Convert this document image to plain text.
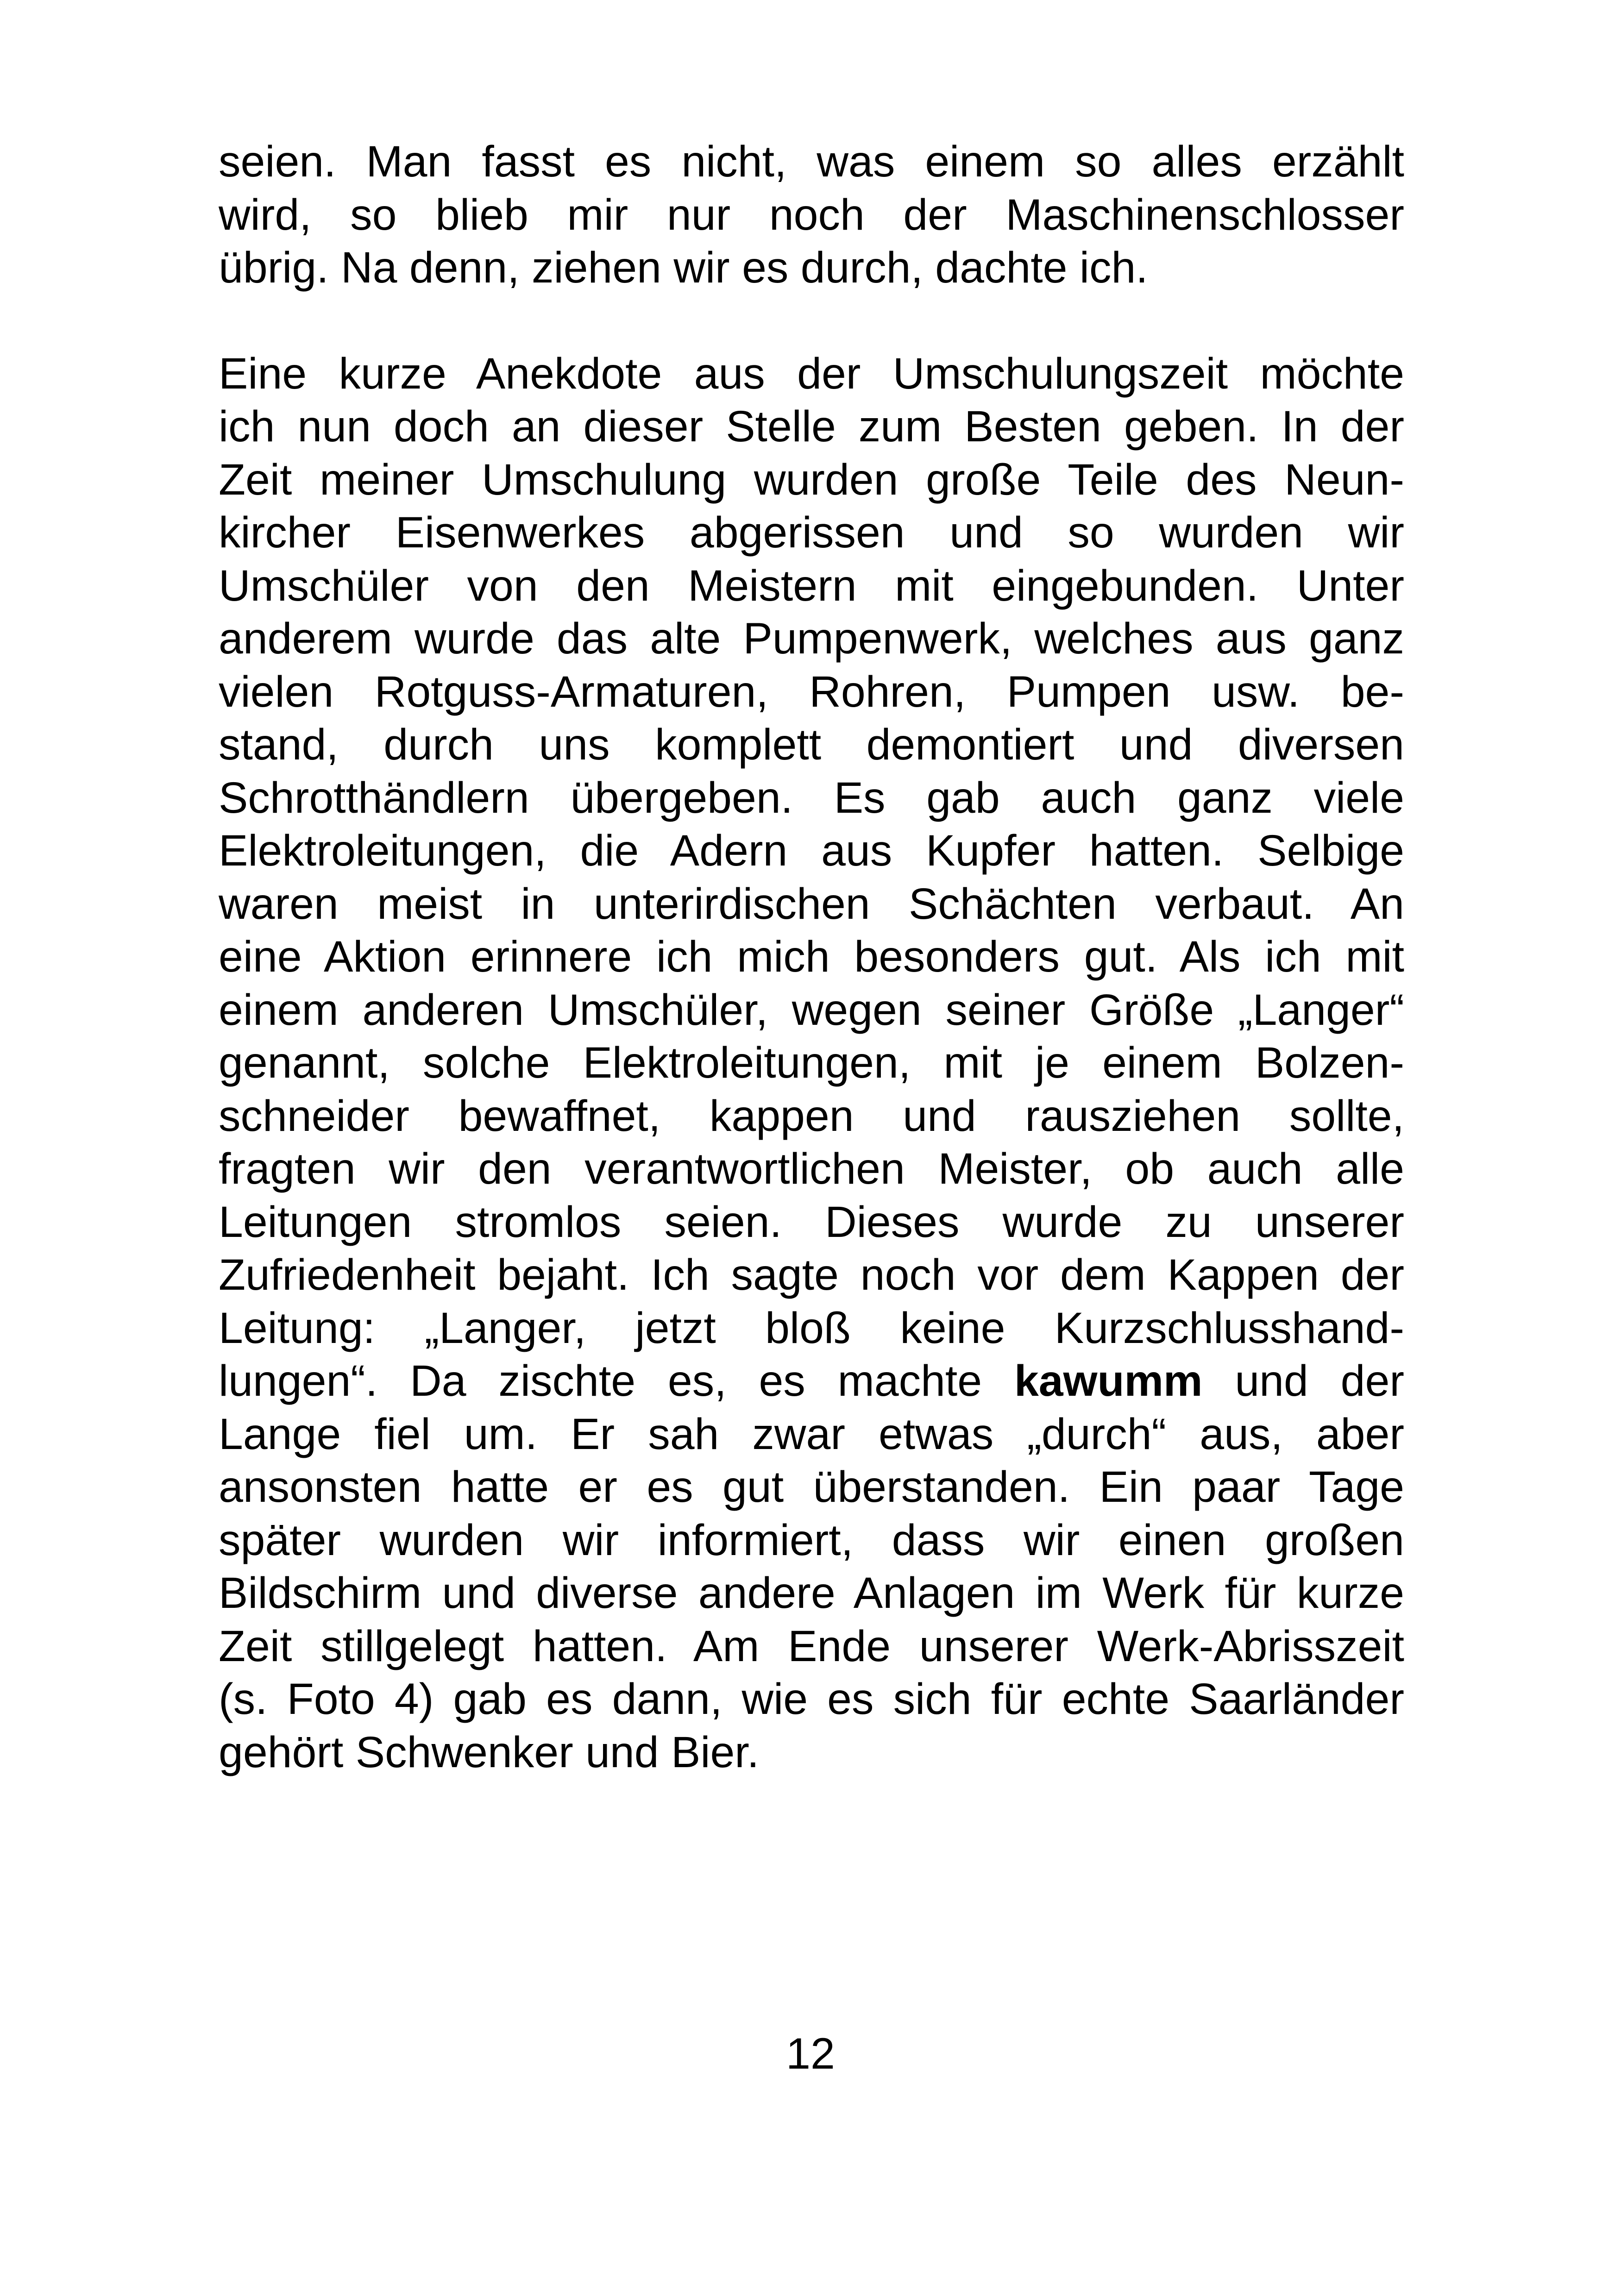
seien. Man fasst es nicht, was einem so alles erzählt
wird, so blieb mir nur noch der Maschinenschlosser
übrig. Na denn, ziehen wir es durch, dachte ich.

Eine kurze Anekdote aus der Umschulungszeit möchte
ich nun doch an dieser Stelle zum Besten geben. In der
Zeit meiner Umschulung wurden große Teile des Neun-
kircher Eisenwerkes abgerissen und so wurden wir
Umschüler von den Meistern mit eingebunden. Unter
anderem wurde das alte Pumpenwerk, welches aus ganz
vielen Rotguss-Armaturen, Rohren, Pumpen usw. be-
stand, durch uns komplett demontiert und diversen
Schrotthändlern übergeben. Es gab auch ganz viele
Elektroleitungen, die Adern aus Kupfer hatten. Selbige
waren meist in unterirdischen Schächten verbaut. An
eine Aktion erinnere ich mich besonders gut. Als ich mit
einem anderen Umschüler, wegen seiner Größe „Langer“
genannt, solche Elektroleitungen, mit je einem Bolzen-
schneider bewaffnet, kappen und rausziehen sollte,
fragten wir den verantwortlichen Meister, ob auch alle
Leitungen stromlos seien. Dieses wurde zu unserer
Zufriedenheit bejaht. Ich sagte noch vor dem Kappen der
Leitung: „Langer, jetzt bloß keine Kurzschlusshand-
lungen“. Da zischte es, es machte kawumm und der
Lange fiel um. Er sah zwar etwas „durch“ aus, aber
ansonsten hatte er es gut überstanden. Ein paar Tage
später wurden wir informiert, dass wir einen großen
Bildschirm und diverse andere Anlagen im Werk für kurze
Zeit stillgelegt hatten. Am Ende unserer Werk-Abrisszeit
(s. Foto 4) gab es dann, wie es sich für echte Saarländer
gehört Schwenker und Bier.

12
